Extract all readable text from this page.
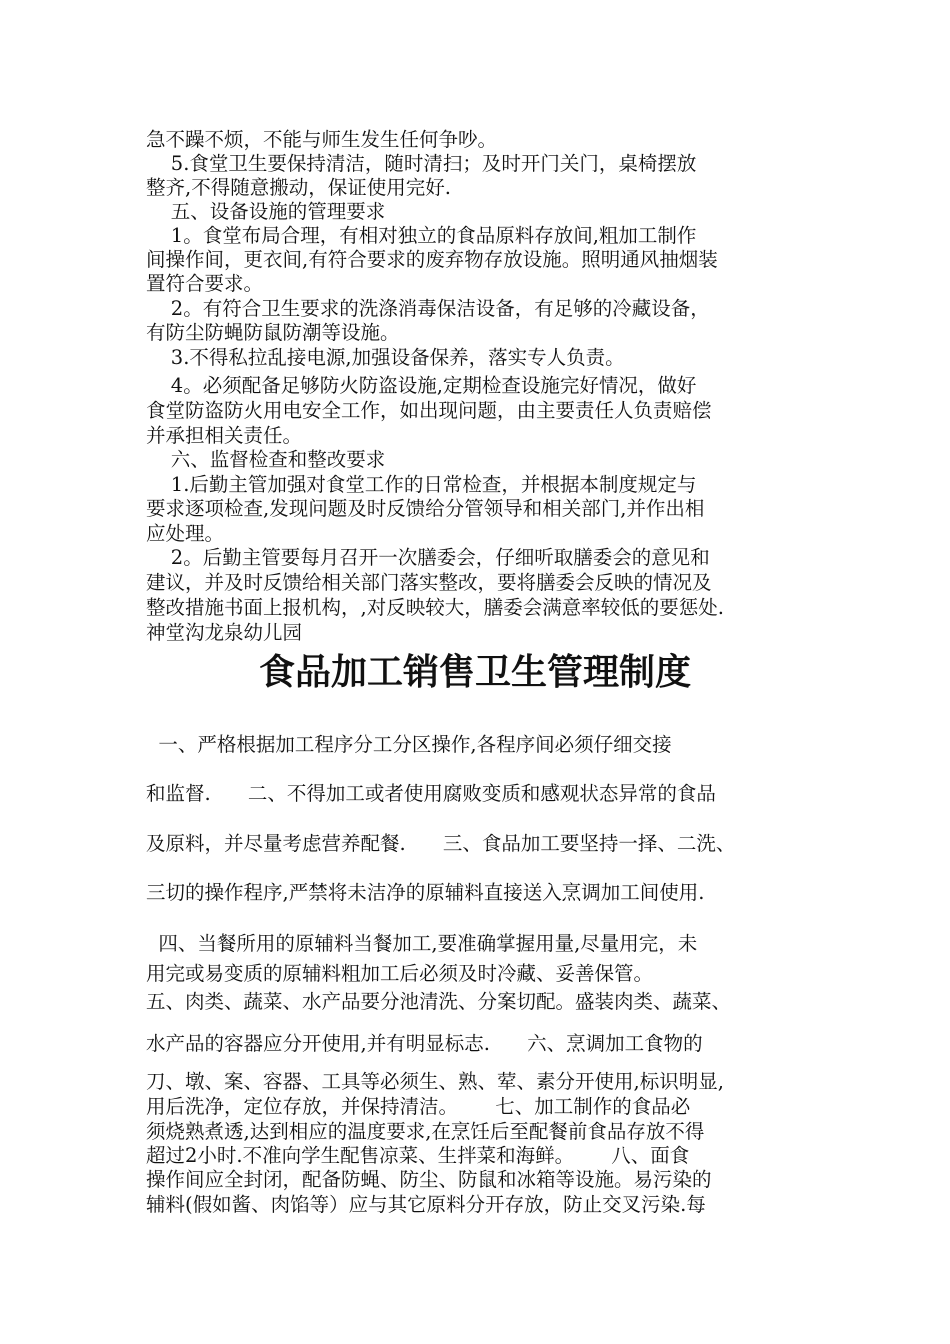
急不躁不烦，不能与师生发生任何争吵。
5.食堂卫生要保持清洁，随时清扫；及时开门关门，桌椅摆放
整齐,不得随意搬动，保证使用完好.
五、设备设施的管理要求
1。食堂布局合理，有相对独立的食品原料存放间,粗加工制作
间操作间，更衣间,有符合要求的废弃物存放设施。照明通风抽烟装
置符合要求。
2。有符合卫生要求的洗涤消毒保洁设备，有足够的冷藏设备，
有防尘防蝇防鼠防潮等设施。
3.不得私拉乱接电源,加强设备保养，落实专人负责。
4。必须配备足够防火防盗设施,定期检查设施完好情况，做好
食堂防盗防火用电安全工作，如出现问题，由主要责任人负责赔偿
并承担相关责任。
六、监督检查和整改要求
1.后勤主管加强对食堂工作的日常检查，并根据本制度规定与
要求逐项检查,发现问题及时反馈给分管领导和相关部门,并作出相
应处理。
2。后勤主管要每月召开一次膳委会，仔细听取膳委会的意见和
建议，并及时反馈给相关部门落实整改，要将膳委会反映的情况及
整改措施书面上报机构，,对反映较大，膳委会满意率较低的要惩处.
神堂沟龙泉幼儿园
食品加工销售卫生管理制度
一、严格根据加工程序分工分区操作,各程序间必须仔细交接
和监督.      二、不得加工或者使用腐败变质和感观状态异常的食品
及原料，并尽量考虑营养配餐.      三、食品加工要坚持一择、二洗、
三切的操作程序,严禁将未洁净的原辅料直接送入烹调加工间使用.
四、当餐所用的原辅料当餐加工,要准确掌握用量,尽量用完，未
用完或易变质的原辅料粗加工后必须及时冷藏、妥善保管。
五、肉类、蔬菜、水产品要分池清洗、分案切配。盛装肉类、蔬菜、
水产品的容器应分开使用,并有明显标志.      六、烹调加工食物的
刀、墩、案、容器、工具等必须生、熟、荤、素分开使用,标识明显,
用后洗净，定位存放，并保持清洁。      七、加工制作的食品必
须烧熟煮透,达到相应的温度要求,在烹饪后至配餐前食品存放不得
超过2小时.不准向学生配售凉菜、生拌菜和海鲜。      八、面食
操作间应全封闭，配备防蝇、防尘、防鼠和冰箱等设施。易污染的
辅料(假如酱、肉馅等）应与其它原料分开存放，防止交叉污染.每
